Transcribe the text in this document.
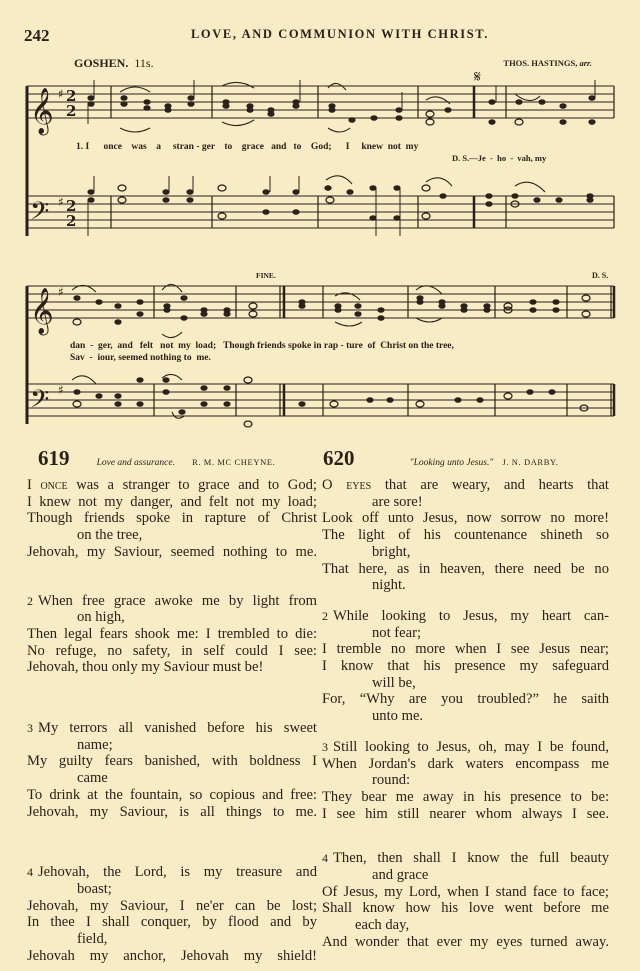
242	LOVE, AND COMMUNION WITH CHRIST.
GOSHEN. 11s.	THOS. HASTINGS, arr.
𝄞
𝄢
♯
♯
2
2
2
2
𝄋
1. I      once    was    a     stran - ger    to    grace   and   to    God;      I     knew  not  my
D. S.—Je  -  ho  -  vah, my
𝄞
𝄢
♯
♯
FINE.	D. S.
dan  -  ger,  and   felt   not  my  load;   Though friends spoke in rap - ture  of  Christ on the tree,
Sav  -  iour, seemed nothing to  me.
619	Love and assurance. R. M. MC CHEYNE. 620	"Looking unto Jesus." J. N. DARBY.
I once was a stranger to grace and to God;
I knew not my danger, and felt not my load;
Though friends spoke in rapture of Christ
on the tree,
Jehovah, my Saviour, seemed nothing to me.
2 When free grace awoke me by light from
on high,
Then legal fears shook me: I trembled to die:
No refuge, no safety, in self could I see:
Jehovah, thou only my Saviour must be!
3 My terrors all vanished before his sweet
name;
My guilty fears banished, with boldness I
came
To drink at the fountain, so copious and free:
Jehovah, my Saviour, is all things to me.
4 Jehovah, the Lord, is my treasure and
boast;
Jehovah, my Saviour, I ne'er can be lost;
In thee I shall conquer, by flood and by
field,
Jehovah my anchor, Jehovah my shield!
O eyes that are weary, and hearts that
are sore!
Look off unto Jesus, now sorrow no more!
The light of his countenance shineth so
bright,
That here, as in heaven, there need be no
night.
2 While looking to Jesus, my heart can-
not fear;
I tremble no more when I see Jesus near;
I know that his presence my safeguard
will be,
For, “Why are you troubled?” he saith
unto me.
3 Still looking to Jesus, oh, may I be found,
When Jordan's dark waters encompass me
round:
They bear me away in his presence to be:
I see him still nearer whom always I see.
4 Then, then shall I know the full beauty
and grace
Of Jesus, my Lord, when I stand face to face;
Shall know how his love went before me
each day,
And wonder that ever my eyes turned away.
